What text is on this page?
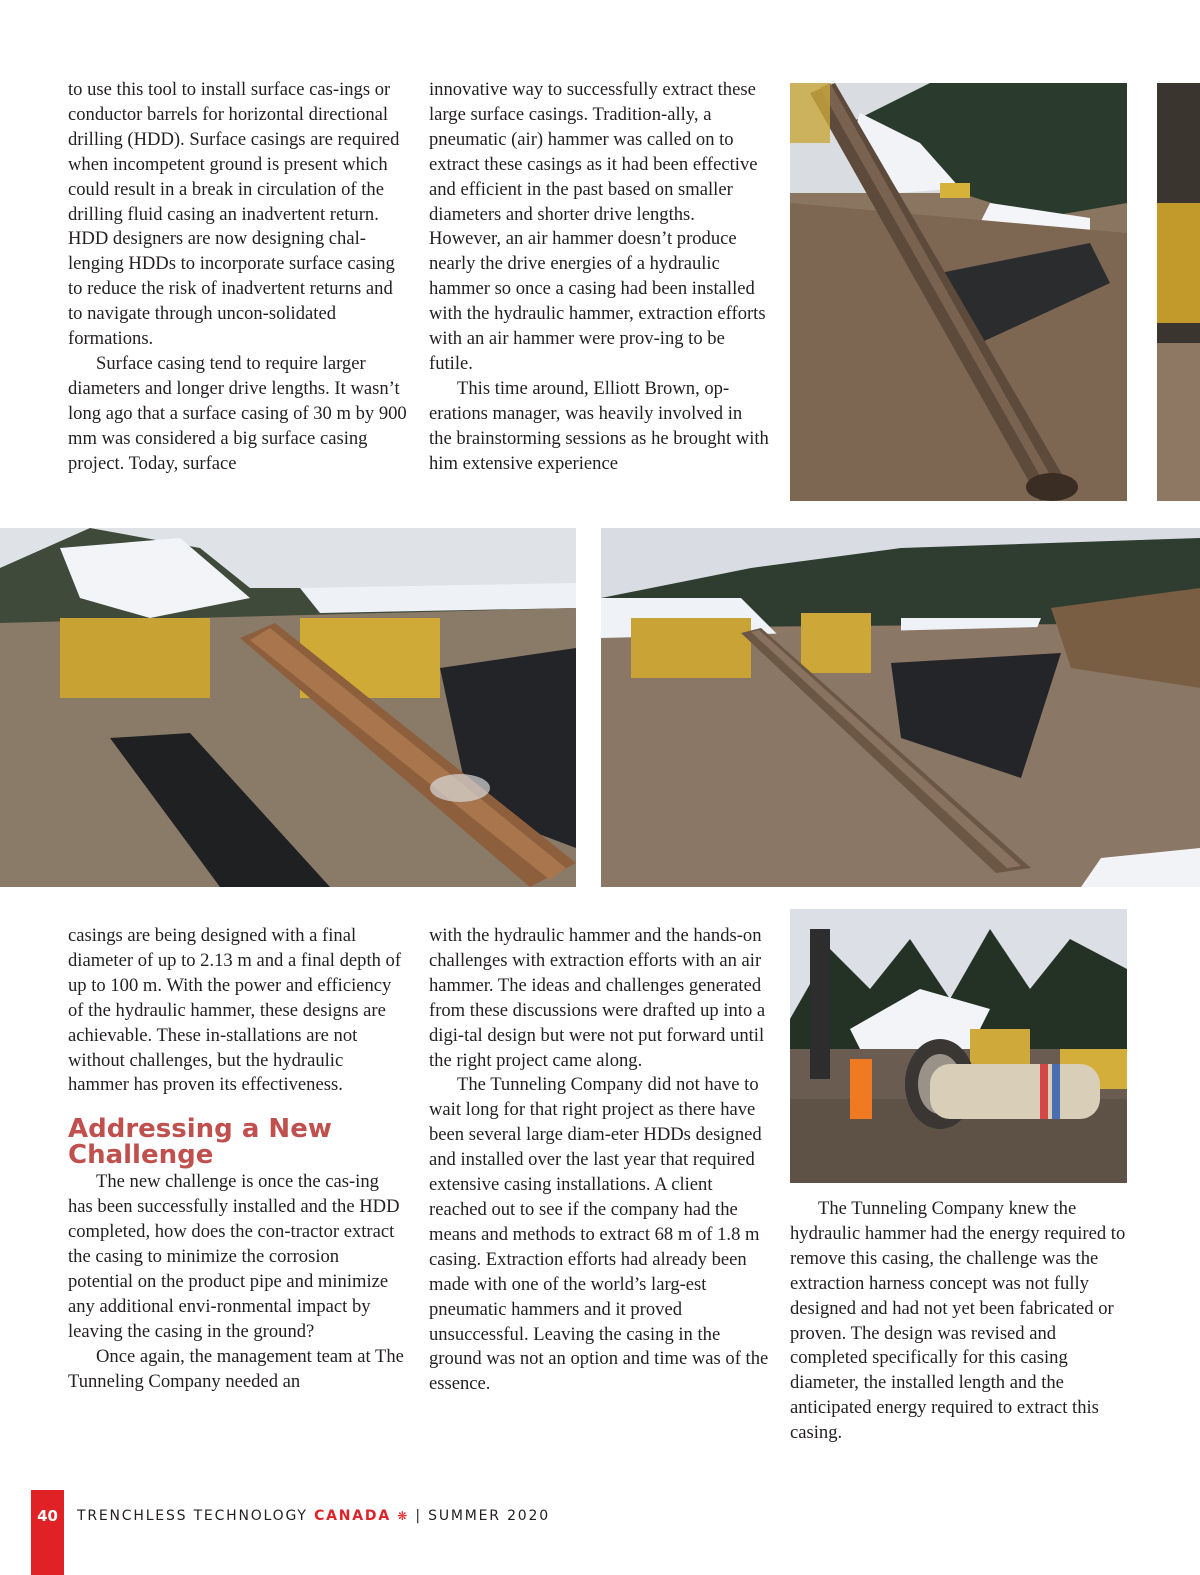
to use this tool to install surface cas-ings or conductor barrels for horizontal directional drilling (HDD). Surface casings are required when incompetent ground is present which could result in a break in circulation of the drilling fluid casing an inadvertent return. HDD designers are now designing chal-lenging HDDs to incorporate surface casing to reduce the risk of inadvertent returns and to navigate through uncon-solidated formations.

Surface casing tend to require larger diameters and longer drive lengths. It wasn’t long ago that a surface casing of 30 m by 900 mm was considered a big surface casing project. Today, surface

innovative way to successfully extract these large surface casings. Tradition-ally, a pneumatic (air) hammer was called on to extract these casings as it had been effective and efficient in the past based on smaller diameters and shorter drive lengths. However, an air hammer doesn’t produce nearly the drive energies of a hydraulic hammer so once a casing had been installed with the hydraulic hammer, extraction efforts with an air hammer were prov-ing to be futile.

This time around, Elliott Brown, op-erations manager, was heavily involved in the brainstorming sessions as he brought with him extensive experience

casings are being designed with a final diameter of up to 2.13 m and a final depth of up to 100 m. With the power and efficiency of the hydraulic hammer, these designs are achievable. These in-stallations are not without challenges, but the hydraulic hammer has proven its effectiveness.

Addressing a New Challenge

The new challenge is once the cas-ing has been successfully installed and the HDD completed, how does the con-tractor extract the casing to minimize the corrosion potential on the product pipe and minimize any additional envi-ronmental impact by leaving the casing in the ground?

Once again, the management team at The Tunneling Company needed an

with the hydraulic hammer and the hands-on challenges with extraction efforts with an air hammer. The ideas and challenges generated from these discussions were drafted up into a digi-tal design but were not put forward until the right project came along.

The Tunneling Company did not have to wait long for that right project as there have been several large diam-eter HDDs designed and installed over the last year that required extensive casing installations. A client reached out to see if the company had the means and methods to extract 68 m of 1.8 m casing. Extraction efforts had already been made with one of the world’s larg-est pneumatic hammers and it proved unsuccessful. Leaving the casing in the ground was not an option and time was of the essence.

The Tunneling Company knew the hydraulic hammer had the energy required to remove this casing, the challenge was the extraction harness concept was not fully designed and had not yet been fabricated or proven. The design was revised and completed specifically for this casing diameter, the installed length and the anticipated energy required to extract this casing.

40	TRENCHLESS TECHNOLOGY CANADA ❋ | SUMMER 2020
